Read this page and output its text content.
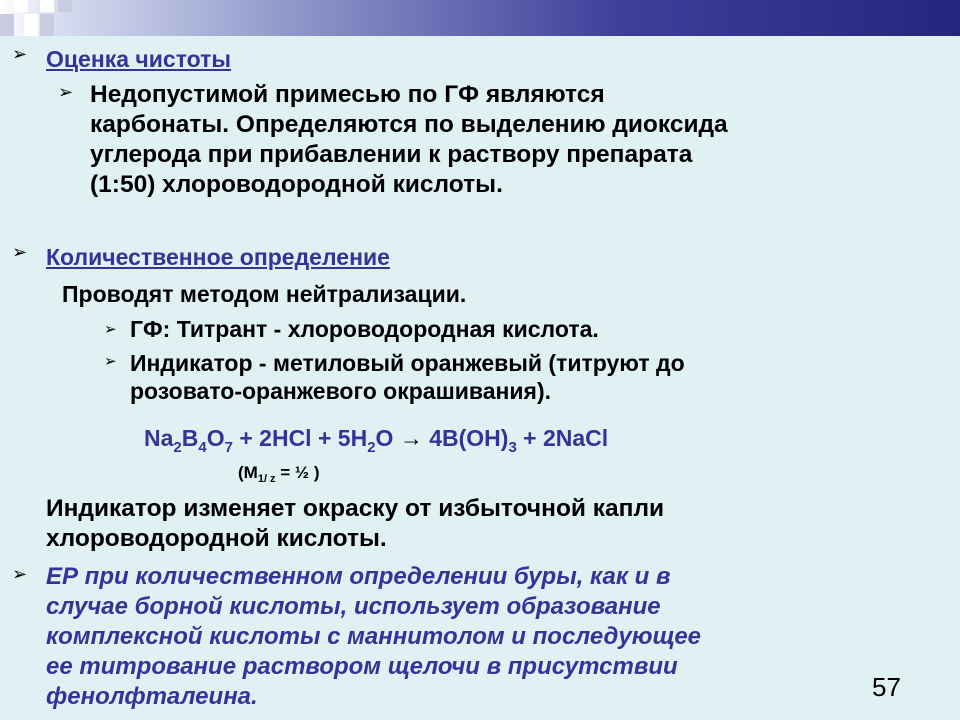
➢ Оценка чистоты
➢ Недопустимой примесью по ГФ являются
карбонаты. Определяются по выделению диоксида
углерода при прибавлении к раствору препарата
(1:50) хлороводородной кислоты.
➢ Количественное определение
Проводят методом нейтрализации.
➢ ГФ: Титрант - хлороводородная кислота.
➢ Индикатор - метиловый оранжевый (титруют до
розовато-оранжевого окрашивания).
$Na_2B_4O_7 + 2HCl + 5H_2O \to 4B(OH)_3$ + 2NaCl
($M_{1/ z}$ = ½ )
Индикатор изменяет окраску от избыточной капли
хлороводородной кислоты.
➢ ЕР при количественном определении буры, как и в
случае борной кислоты, использует образование
комплексной кислоты с маннитолом и последующее
ее титрование раствором щелочи в присутствии
фенолфталеина.	57
